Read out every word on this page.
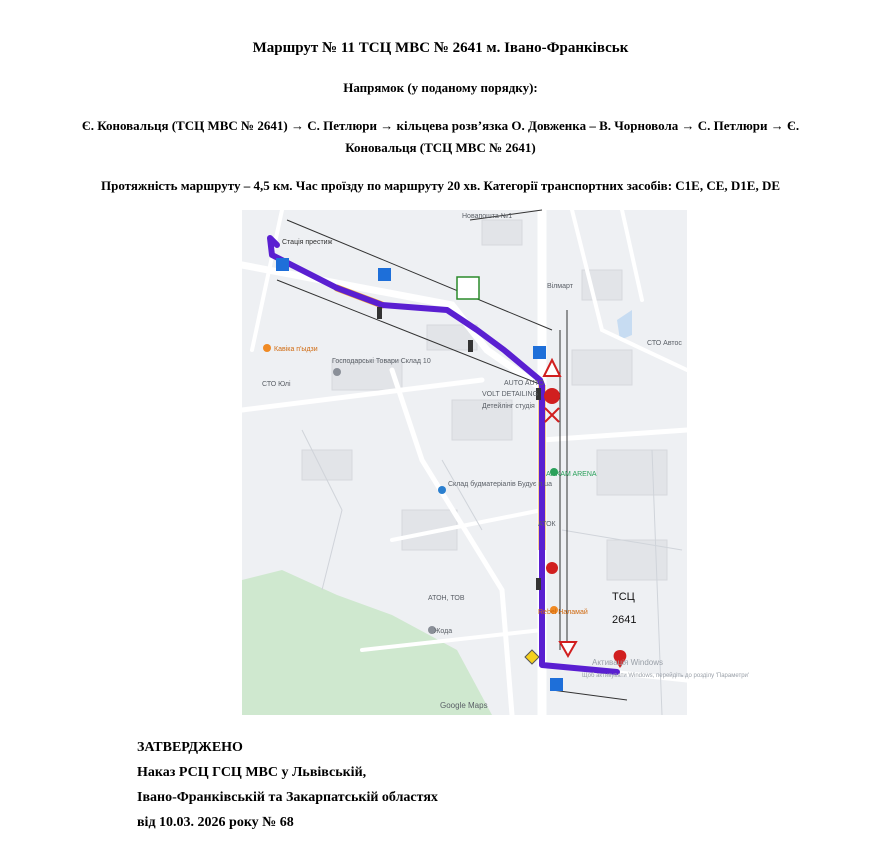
Маршрут № 11 ТСЦ МВС № 2641 м. Івано-Франківськ
Напрямок (у поданому порядку):
Є. Коновальця (ТСЦ МВС № 2641) → С. Петлюри → кільцева розв’язка О. Довженка – В. Чорновола → С. Петлюри → Є.
Коновальця (ТСЦ МВС № 2641)
Протяжність маршруту – 4,5 км. Час проїзду по маршруту 20 хв. Категорії транспортних засобів: С1Е, СЕ, D1E, DE
Новапошта №1
Стація престиж
Вілмарт
СТО Автос
Кавіка п'ыдзи
Господарські Товари Склад 10
СТО Юлі	AUTO AUTO
VOLT DETAILING
Детейлінг студія
ARKAM ARENA
Склад будматеріалів Будує п.ua
АТОК
АТОН, ТОВ
Rebel Наламай
Жода
Google Maps
Активація Windows
Щоб активувати Windows, перейдіть до розділу 'Параметри'
ТСЦ
2641
ЗАТВЕРДЖЕНО
Наказ РСЦ ГСЦ МВС у Львівській,
Івано-Франківській та Закарпатській областях
від 10.03. 2026 року № 68
